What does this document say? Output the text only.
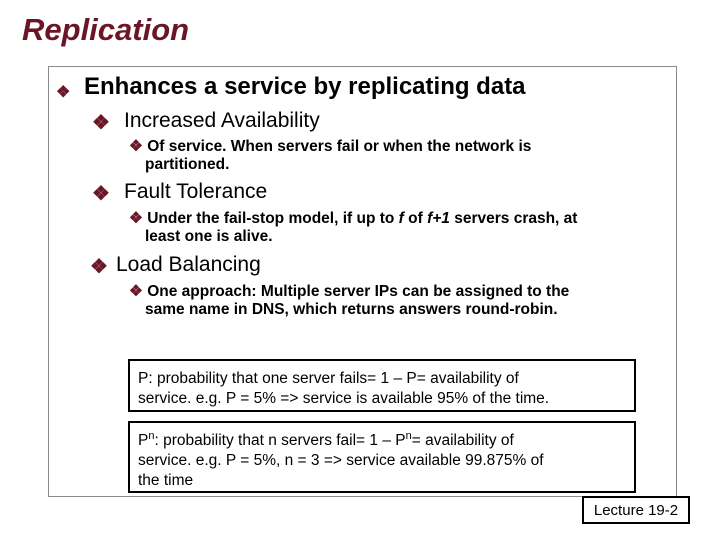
Replication
❖ Enhances a service by replicating data
❖ Increased Availability
❖ Of service. When servers fail or when the network is
partitioned.
❖ Fault Tolerance
❖ Under the fail-stop model, if up to f of f+1 servers crash, at
least one is alive.
❖ Load Balancing
❖ One approach: Multiple server IPs can be assigned to the
same name in DNS, which returns answers round-robin.
P: probability that one server fails= 1 – P= availability of
service. e.g. P = 5% => service is available 95% of the time.
$P^n$: probability that n servers fail= $1 - P^n=$ availability of
service. e.g. P = 5%, n = 3 => service available 99.875% of
the time
Lecture 19-2
